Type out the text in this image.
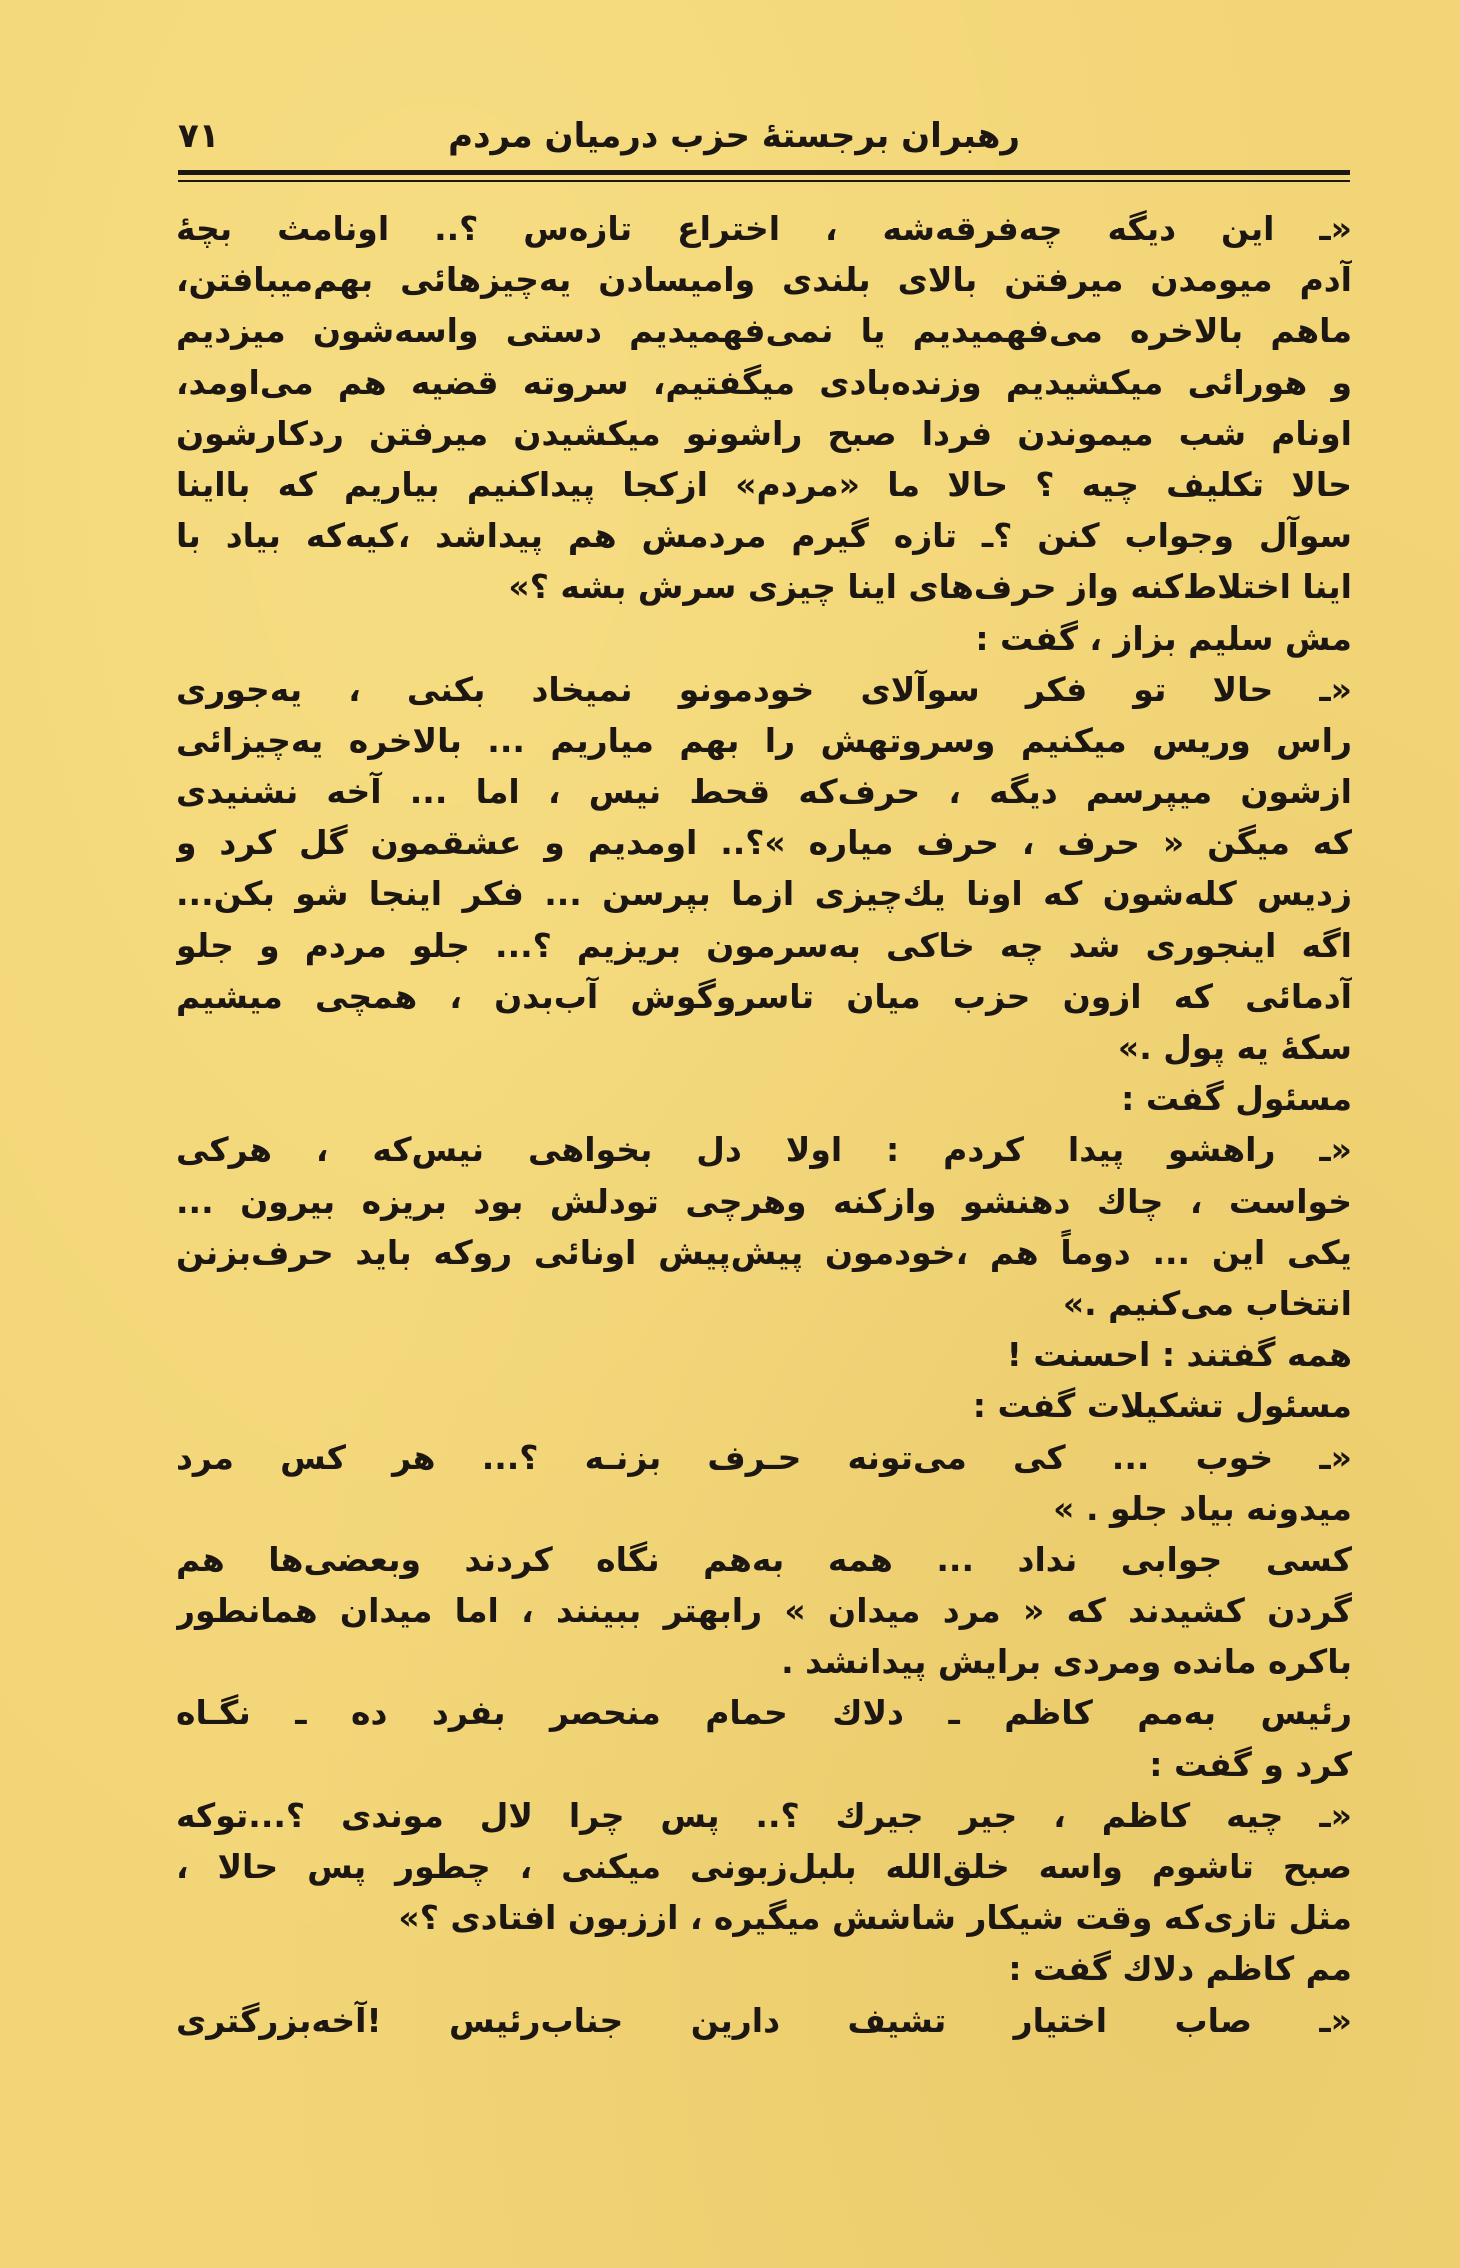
رهبران برجستهٔ حزب درمیان مردم
۷۱
«ـ این دیگه چه‌فرقه‌شه ، اختراع تازه‌س ؟.. اونامث بچهٔ
آدم میومدن میرفتن بالای بلندی وامیسادن یه‌چیزهائی بهم‌میبافتن،
ماهم بالاخره می‌فهمیدیم یا نمی‌فهمیدیم دستی واسه‌شون میزدیم
و هورائی میکشیدیم وزنده‌بادی میگفتیم، سروته قضیه هم می‌اومد،
اونام شب میموندن فردا صبح راشونو میکشیدن میرفتن ردکارشون
حالا تکلیف چیه ؟ حالا ما «مردم» ازکجا پیداکنیم بیاریم که بااینا
سوآل وجواب کنن ؟ـ تازه گیرم مردمش هم پیداشد ،کیه‌که بیاد با
اینا اختلاط‌کنه واز حرف‌های اینا چیزی سرش بشه ؟»
مش سلیم بزاز ، گفت :
«ـ حالا تو فکر سوآلای خودمونو نمیخاد بکنی ، یه‌جوری
راس وریس میکنیم وسروتهش را بهم میاریم ... بالاخره یه‌چیزائی
ازشون میپرسم دیگه ، حرف‌که قحط نیس ، اما ... آخه نشنیدی
که میگن « حرف ، حرف میاره »؟.. اومدیم و عشقمون گل کرد و
زدیس کله‌شون که اونا یك‌چیزی ازما بپرسن ... فکر اینجا شو بکن...
اگه اینجوری شد چه خاکی به‌سرمون بریزیم ؟... جلو مردم و جلو
آدمائی که ازون حزب میان تاسروگوش آب‌بدن ، همچی میشیم
سکهٔ یه پول .»
مسئول گفت :
«ـ راهشو پیدا کردم : اولا دل بخواهی نیس‌که ، هرکی
خواست ، چاك دهنشو وازکنه وهرچی تودلش بود بریزه بیرون ...
یکی این ... دوماً هم ،خودمون پیش‌پیش اونائی روکه باید حرف‌بزنن
انتخاب می‌کنیم .»
همه گفتند : احسنت !
مسئول تشکیلات گفت :
«ـ خوب ... کی می‌تونه حـرف بزنـه ؟... هر کس مرد
میدونه بیاد جلو . »
کسی جوابی نداد ... همه به‌هم نگاه کردند وبعضی‌ها هم
گردن کشیدند که « مرد میدان » رابهتر ببینند ، اما میدان همانطور
باکره مانده ومردی برایش پیدانشد .
رئیس به‌مم کاظم ـ دلاك حمام منحصر بفرد ده ـ نگـاه
کرد و گفت :
«ـ چیه کاظم ، جیر جیرك ؟.. پس چرا لال موندی ؟...توکه
صبح تاشوم واسه خلق‌الله بلبل‌زبونی میکنی ، چطور پس حالا ،
مثل تازی‌که وقت شیکار شاشش میگیره ، اززبون افتادی ؟»
مم کاظم دلاك گفت :
«ـ صاب اختیار تشیف دارین جناب‌رئیس !آخه‌بزرگتری
